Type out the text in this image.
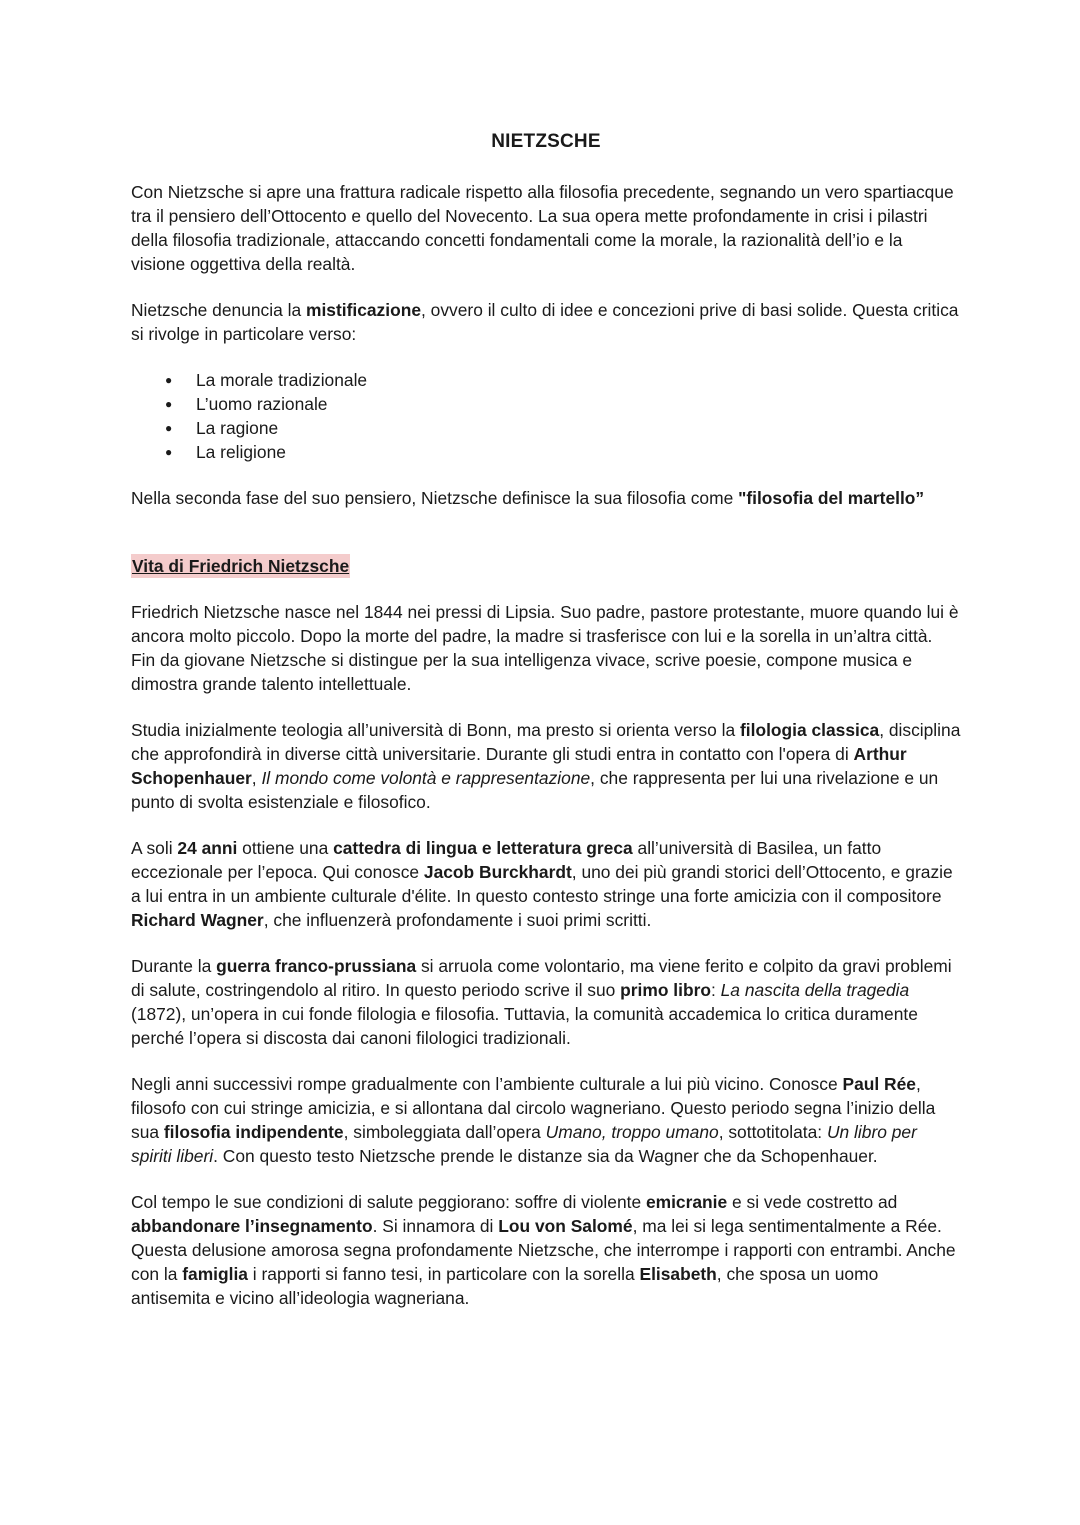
NIETZSCHE

Con Nietzsche si apre una frattura radicale rispetto alla filosofia precedente, segnando un vero spartiacque tra il pensiero dell’Ottocento e quello del Novecento. La sua opera mette profondamente in crisi i pilastri della filosofia tradizionale, attaccando concetti fondamentali come la morale, la razionalità dell’io e la visione oggettiva della realtà.

Nietzsche denuncia la mistificazione, ovvero il culto di idee e concezioni prive di basi solide. Questa critica si rivolge in particolare verso:

● La morale tradizionale
● L’uomo razionale
● La ragione
● La religione

Nella seconda fase del suo pensiero, Nietzsche definisce la sua filosofia come "filosofia del martello”

Vita di Friedrich Nietzsche

Friedrich Nietzsche nasce nel 1844 nei pressi di Lipsia. Suo padre, pastore protestante, muore quando lui è ancora molto piccolo. Dopo la morte del padre, la madre si trasferisce con lui e la sorella in un’altra città. Fin da giovane Nietzsche si distingue per la sua intelligenza vivace, scrive poesie, compone musica e dimostra grande talento intellettuale.

Studia inizialmente teologia all’università di Bonn, ma presto si orienta verso la filologia classica, disciplina che approfondirà in diverse città universitarie. Durante gli studi entra in contatto con l'opera di Arthur Schopenhauer, Il mondo come volontà e rappresentazione, che rappresenta per lui una rivelazione e un punto di svolta esistenziale e filosofico.

A soli 24 anni ottiene una cattedra di lingua e letteratura greca all’università di Basilea, un fatto eccezionale per l’epoca. Qui conosce Jacob Burckhardt, uno dei più grandi storici dell’Ottocento, e grazie a lui entra in un ambiente culturale d'élite. In questo contesto stringe una forte amicizia con il compositore Richard Wagner, che influenzerà profondamente i suoi primi scritti.

Durante la guerra franco-prussiana si arruola come volontario, ma viene ferito e colpito da gravi problemi di salute, costringendolo al ritiro. In questo periodo scrive il suo primo libro: La nascita della tragedia (1872), un’opera in cui fonde filologia e filosofia. Tuttavia, la comunità accademica lo critica duramente perché l’opera si discosta dai canoni filologici tradizionali.

Negli anni successivi rompe gradualmente con l’ambiente culturale a lui più vicino. Conosce Paul Rée, filosofo con cui stringe amicizia, e si allontana dal circolo wagneriano. Questo periodo segna l’inizio della sua filosofia indipendente, simboleggiata dall’opera Umano, troppo umano, sottotitolata: Un libro per spiriti liberi. Con questo testo Nietzsche prende le distanze sia da Wagner che da Schopenhauer.

Col tempo le sue condizioni di salute peggiorano: soffre di violente emicranie e si vede costretto ad abbandonare l’insegnamento. Si innamora di Lou von Salomé, ma lei si lega sentimentalmente a Rée. Questa delusione amorosa segna profondamente Nietzsche, che interrompe i rapporti con entrambi. Anche con la famiglia i rapporti si fanno tesi, in particolare con la sorella Elisabeth, che sposa un uomo antisemita e vicino all’ideologia wagneriana.
